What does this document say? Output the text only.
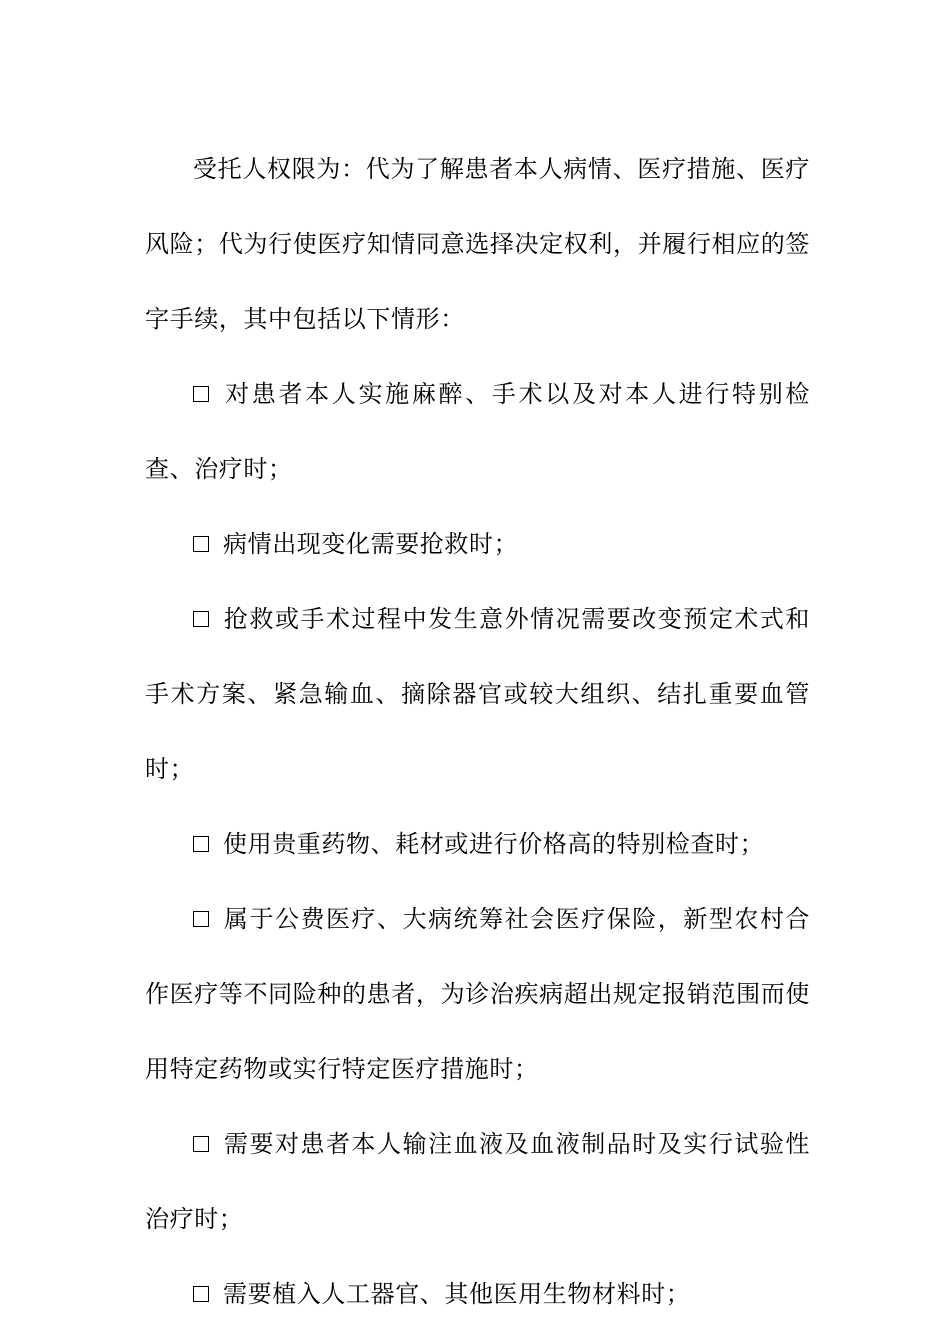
受托人权限为：代为了解患者本人病情、医疗措施、医疗风险；代为行使医疗知情同意选择决定权利，并履行相应的签字手续，其中包括以下情形：

对患者本人实施麻醉、手术以及对本人进行特别检查、治疗时；

病情出现变化需要抢救时；

抢救或手术过程中发生意外情况需要改变预定术式和手术方案、紧急输血、摘除器官或较大组织、结扎重要血管时；

使用贵重药物、耗材或进行价格高的特别检查时；

属于公费医疗、大病统筹社会医疗保险，新型农村合作医疗等不同险种的患者，为诊治疾病超出规定报销范围而使用特定药物或实行特定医疗措施时；

需要对患者本人输注血液及血液制品时及实行试验性治疗时；

需要植入人工器官、其他医用生物材料时；
